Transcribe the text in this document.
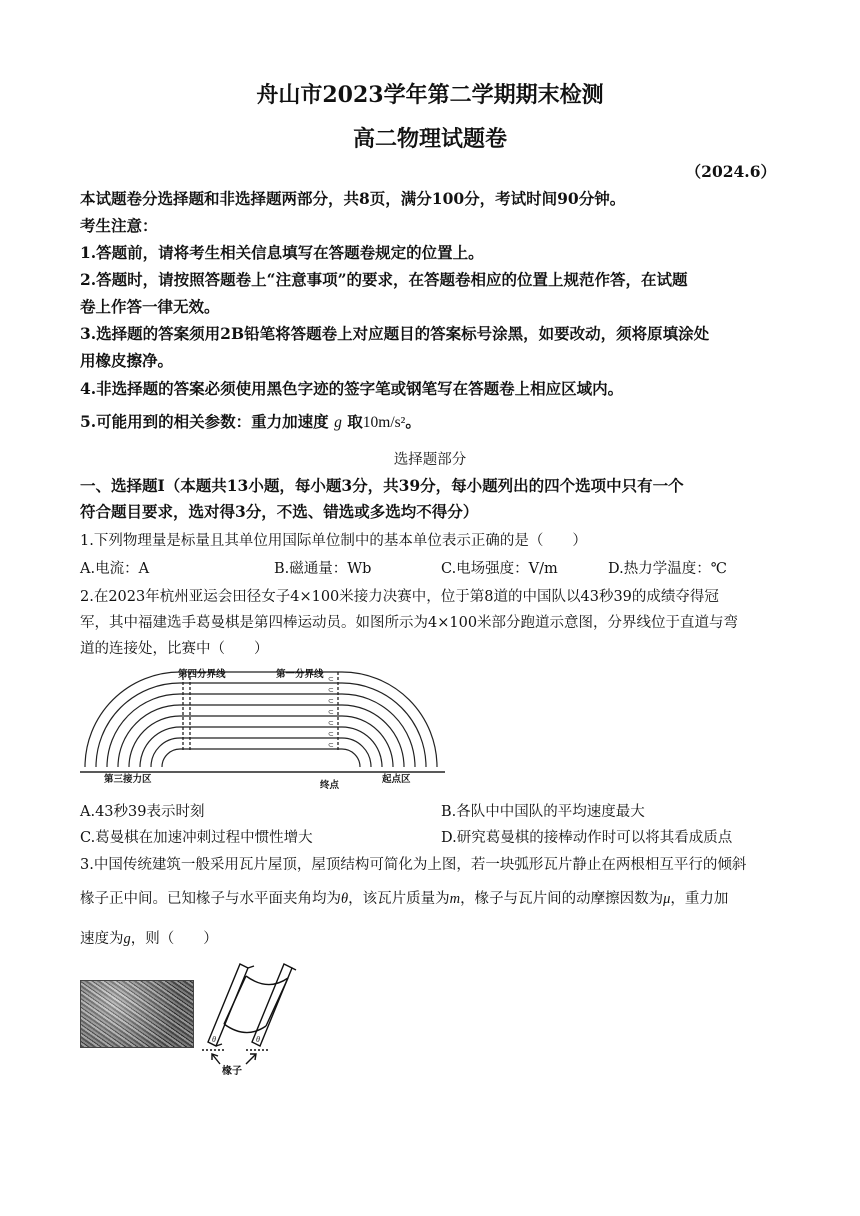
舟山市2023学年第二学期期末检测
高二物理试题卷
（2024.6）
本试题卷分选择题和非选择题两部分，共8页，满分100分，考试时间90分钟。
考生注意：
1.答题前，请将考生相关信息填写在答题卷规定的位置上。
2.答题时，请按照答题卷上“注意事项”的要求，在答题卷相应的位置上规范作答，在试题
卷上作答一律无效。
3.选择题的答案须用2B铅笔将答题卷上对应题目的答案标号涂黑，如要改动，须将原填涂处
用橡皮擦净。
4.非选择题的答案必须使用黑色字迹的签字笔或钢笔写在答题卷上相应区域内。
5.可能用到的相关参数：重力加速度 g 取10m/s²。
选择题部分
一、选择题Ⅰ（本题共13小题，每小题3分，共39分，每小题列出的四个选项中只有一个
符合题目要求，选对得3分，不选、错选或多选均不得分）
1.下列物理量是标量且其单位用国际单位制中的基本单位表示正确的是（　　）
A.电流：A	B.磁通量：Wb	C.电场强度：V/m	D.热力学温度：℃
2.在2023年杭州亚运会田径女子4×100米接力决赛中，位于第8道的中国队以43秒39的成绩夺得冠
军，其中福建选手葛曼棋是第四棒运动员。如图所示为4×100米部分跑道示意图，分界线位于直道与弯
道的连接处，比赛中（　　）
⊂
⊂
⊂
⊂
⊂
⊂
⊂
第四分界线	第一分界线
第三接力区
终点
起点区
A.43秒39表示时刻	B.各队中中国队的平均速度最大
C.葛曼棋在加速冲刺过程中惯性增大	D.研究葛曼棋的接棒动作时可以将其看成质点
3.中国传统建筑一般采用瓦片屋顶，屋顶结构可简化为上图，若一块弧形瓦片静止在两根相互平行的倾斜
椽子正中间。已知椽子与水平面夹角均为θ，该瓦片质量为m，椽子与瓦片间的动摩擦因数为μ，重力加
速度为g，则（　　）
θ	θ
椽子
